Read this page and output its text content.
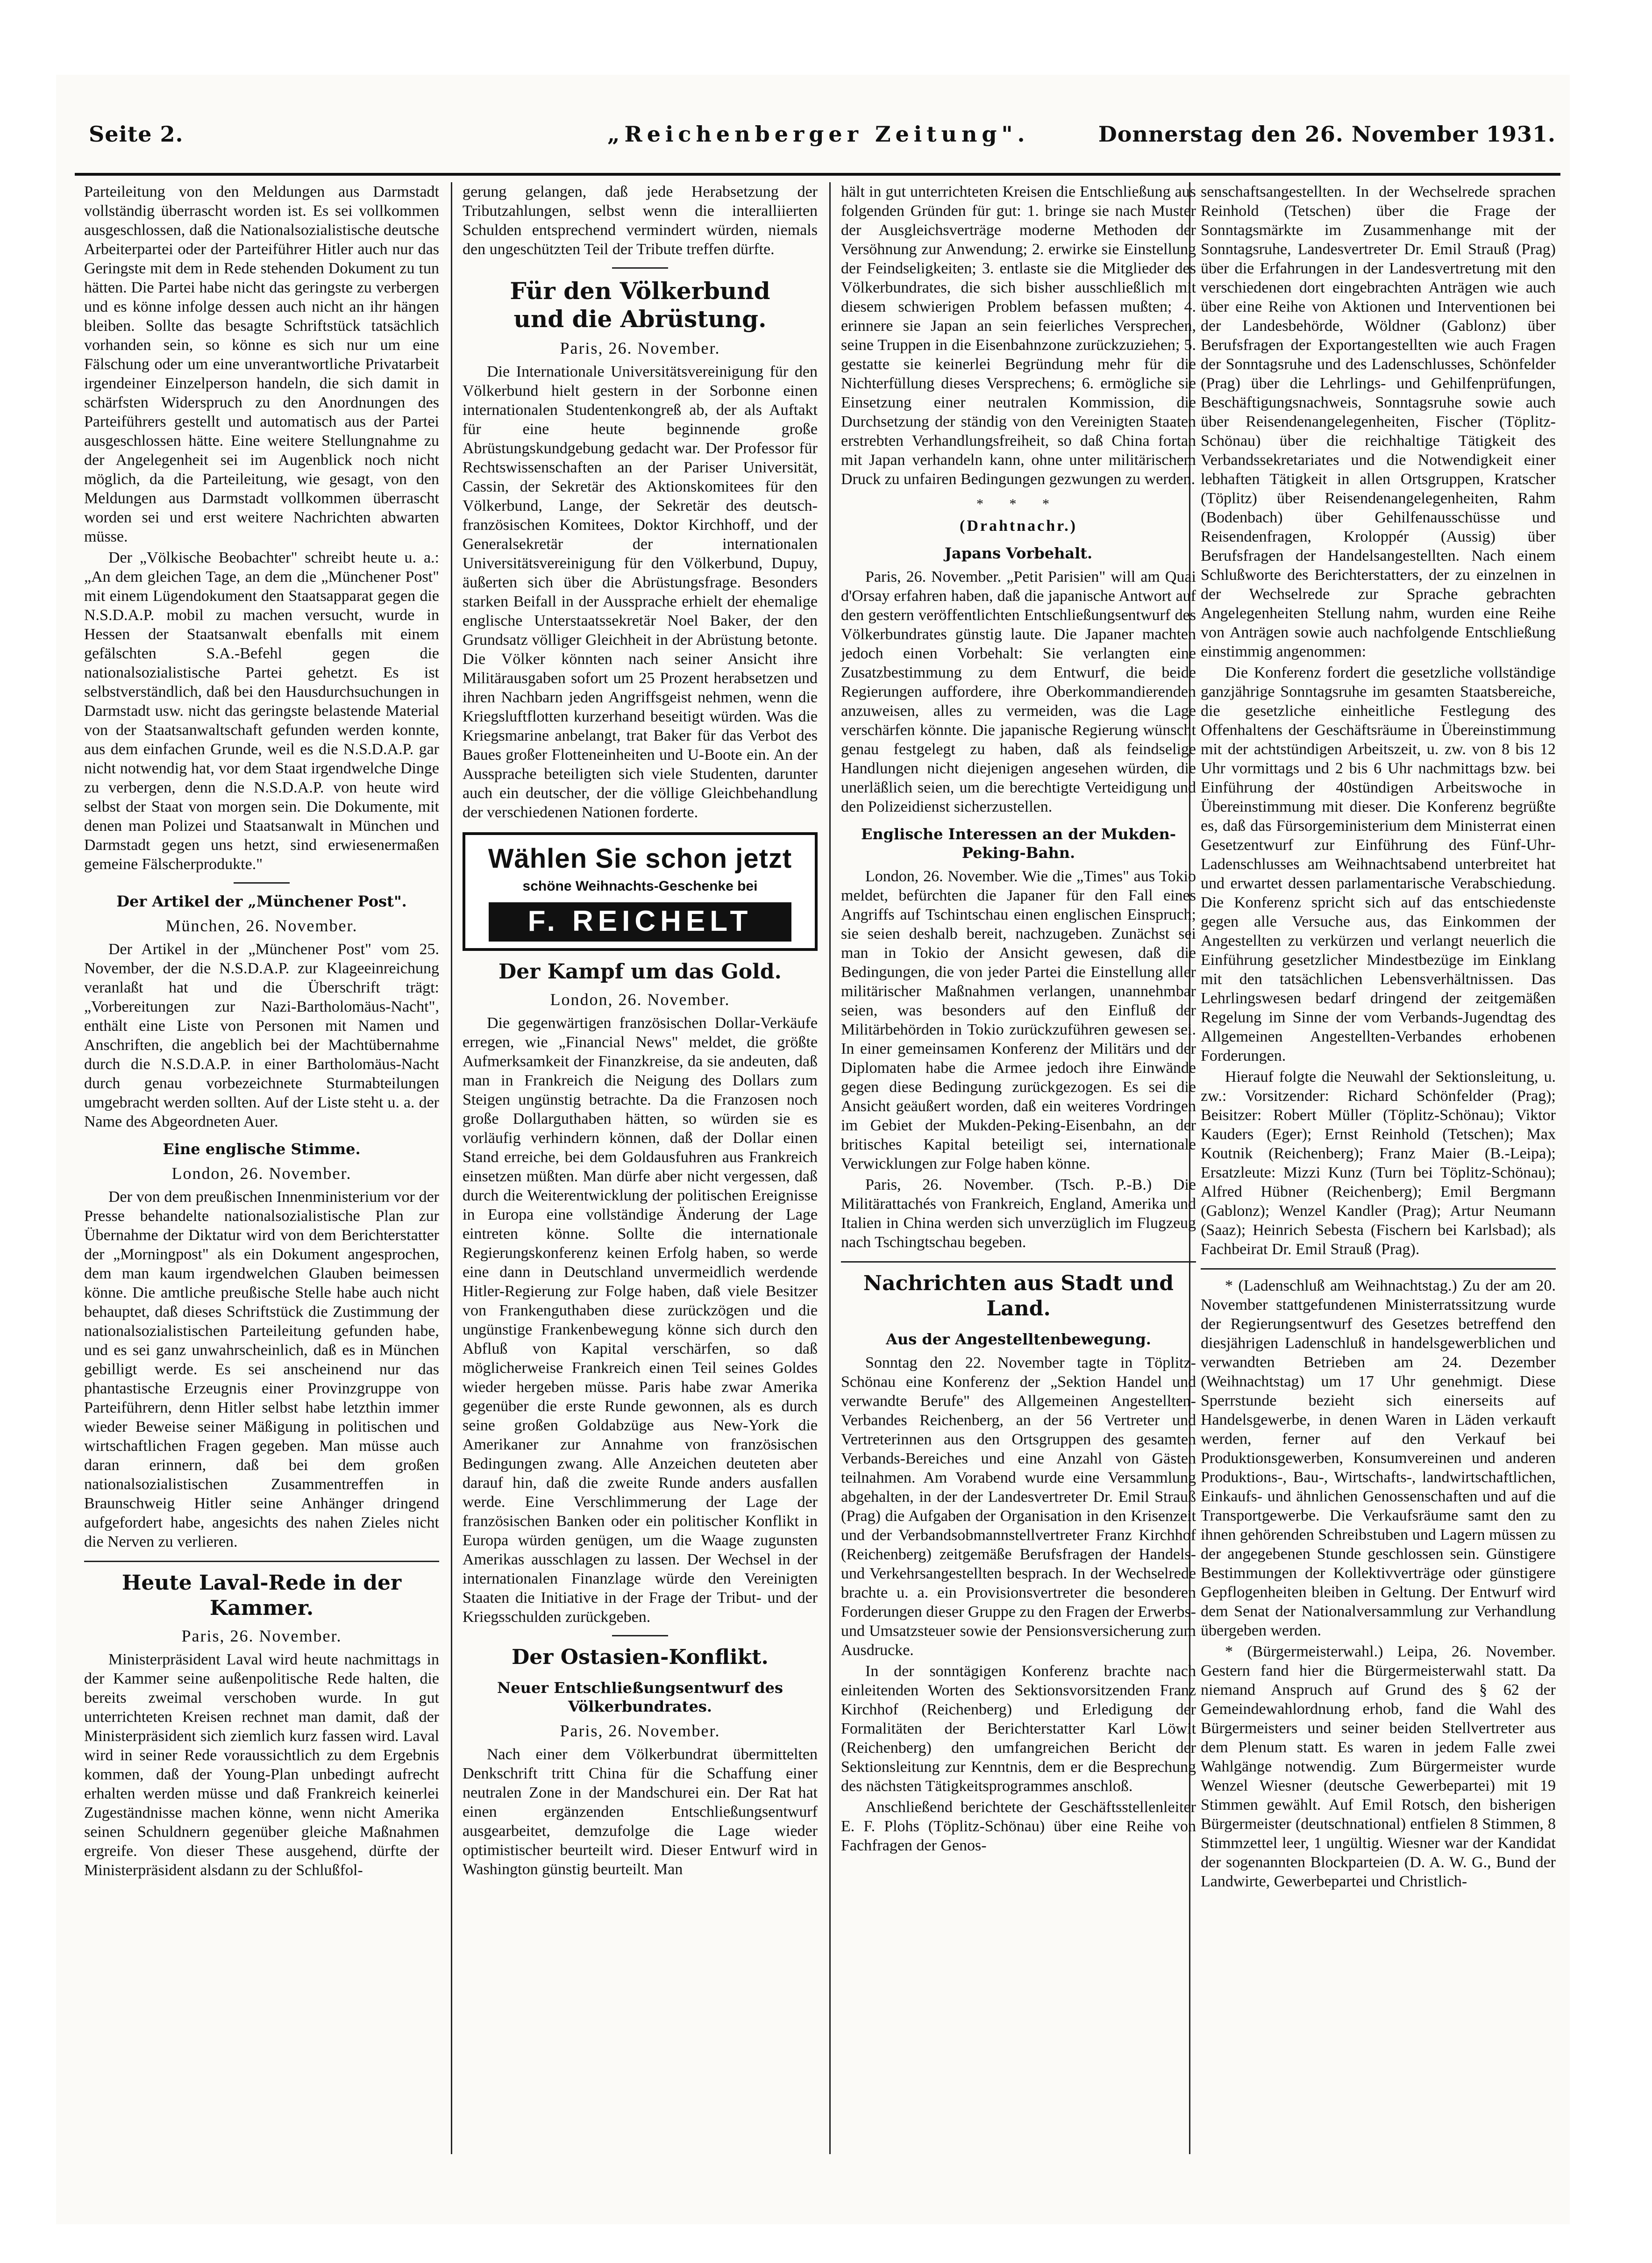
Seite 2.	„Reichenberger Zeitung".	Donnerstag den 26. November 1931.

Parteileitung von den Meldungen aus Darmstadt vollständig überrascht worden ist. Es sei vollkommen ausgeschlossen, daß die Nationalsozialistische deutsche Arbeiterpartei oder der Parteiführer Hitler auch nur das Geringste mit dem in Rede stehenden Dokument zu tun hätten. Die Partei habe nicht das geringste zu verbergen und es könne infolge dessen auch nicht an ihr hängen bleiben. Sollte das besagte Schriftstück tatsächlich vorhanden sein, so könne es sich nur um eine Fälschung oder um eine unverantwortliche Privatarbeit irgendeiner Einzelperson handeln, die sich damit in schärfsten Widerspruch zu den Anordnungen des Parteiführers gestellt und automatisch aus der Partei ausgeschlossen hätte. Eine weitere Stellungnahme zu der Angelegenheit sei im Augenblick noch nicht möglich, da die Parteileitung, wie gesagt, von den Meldungen aus Darmstadt vollkommen überrascht worden sei und erst weitere Nachrichten abwarten müsse.

Der „Völkische Beobachter" schreibt heute u. a.: „An dem gleichen Tage, an dem die „Münchener Post" mit einem Lügendokument den Staatsapparat gegen die N.S.D.A.P. mobil zu machen versucht, wurde in Hessen der Staatsanwalt ebenfalls mit einem gefälschten S.A.-Befehl gegen die nationalsozialistische Partei gehetzt. Es ist selbstverständlich, daß bei den Hausdurchsuchungen in Darmstadt usw. nicht das geringste belastende Material von der Staatsanwaltschaft gefunden werden konnte, aus dem einfachen Grunde, weil es die N.S.D.A.P. gar nicht notwendig hat, vor dem Staat irgendwelche Dinge zu verbergen, denn die N.S.D.A.P. von heute wird selbst der Staat von morgen sein. Die Dokumente, mit denen man Polizei und Staatsanwalt in München und Darmstadt gegen uns hetzt, sind erwiesenermaßen gemeine Fälscherprodukte."

Der Artikel der „Münchener Post".
München, 26. November.

Der Artikel in der „Münchener Post" vom 25. November, der die N.S.D.A.P. zur Klageeinreichung veranlaßt hat und die Überschrift trägt: „Vorbereitungen zur Nazi-Bartholomäus-Nacht", enthält eine Liste von Personen mit Namen und Anschriften, die angeblich bei der Machtübernahme durch die N.S.D.A.P. in einer Bartholomäus-Nacht durch genau vorbezeichnete Sturmabteilungen umgebracht werden sollten. Auf der Liste steht u. a. der Name des Abgeordneten Auer.

Eine englische Stimme.
London, 26. November.

Der von dem preußischen Innenministerium vor der Presse behandelte nationalsozialistische Plan zur Übernahme der Diktatur wird von dem Berichterstatter der „Morningpost" als ein Dokument angesprochen, dem man kaum irgendwelchen Glauben beimessen könne. Die amtliche preußische Stelle habe auch nicht behauptet, daß dieses Schriftstück die Zustimmung der nationalsozialistischen Parteileitung gefunden habe, und es sei ganz unwahrscheinlich, daß es in München gebilligt werde. Es sei anscheinend nur das phantastische Erzeugnis einer Provinzgruppe von Parteiführern, denn Hitler selbst habe letzthin immer wieder Beweise seiner Mäßigung in politischen und wirtschaftlichen Fragen gegeben. Man müsse auch daran erinnern, daß bei dem großen nationalsozialistischen Zusammentreffen in Braunschweig Hitler seine Anhänger dringend aufgefordert habe, angesichts des nahen Zieles nicht die Nerven zu verlieren.

Heute Laval-Rede in der Kammer.
Paris, 26. November.

Ministerpräsident Laval wird heute nachmittags in der Kammer seine außenpolitische Rede halten, die bereits zweimal verschoben wurde. In gut unterrichteten Kreisen rechnet man damit, daß der Ministerpräsident sich ziemlich kurz fassen wird. Laval wird in seiner Rede voraussichtlich zu dem Ergebnis kommen, daß der Young-Plan unbedingt aufrecht erhalten werden müsse und daß Frankreich keinerlei Zugeständnisse machen könne, wenn nicht Amerika seinen Schuldnern gegenüber gleiche Maßnahmen ergreife. Von dieser These ausgehend, dürfte der Ministerpräsident alsdann zu der Schlußfol-

gerung gelangen, daß jede Herabsetzung der Tributzahlungen, selbst wenn die interalliierten Schulden entsprechend vermindert würden, niemals den ungeschützten Teil der Tribute treffen dürfte.

Für den Völkerbund
und die Abrüstung.
Paris, 26. November.

Die Internationale Universitätsvereinigung für den Völkerbund hielt gestern in der Sorbonne einen internationalen Studentenkongreß ab, der als Auftakt für eine heute beginnende große Abrüstungskundgebung gedacht war. Der Professor für Rechtswissenschaften an der Pariser Universität, Cassin, der Sekretär des Aktionskomitees für den Völkerbund, Lange, der Sekretär des deutsch-französischen Komitees, Doktor Kirchhoff, und der Generalsekretär der internationalen Universitätsvereinigung für den Völkerbund, Dupuy, äußerten sich über die Abrüstungsfrage. Besonders starken Beifall in der Aussprache erhielt der ehemalige englische Unterstaatssekretär Noel Baker, der den Grundsatz völliger Gleichheit in der Abrüstung betonte. Die Völker könnten nach seiner Ansicht ihre Militärausgaben sofort um 25 Prozent herabsetzen und ihren Nachbarn jeden Angriffsgeist nehmen, wenn die Kriegsluftflotten kurzerhand beseitigt würden. Was die Kriegsmarine anbelangt, trat Baker für das Verbot des Baues großer Flotteneinheiten und U-Boote ein. An der Aussprache beteiligten sich viele Studenten, darunter auch ein deutscher, der die völlige Gleichbehandlung der verschiedenen Nationen forderte.

Wählen Sie schon jetzt
schöne Weihnachts-Geschenke bei
F. REICHELT
Der Kampf um das Gold.
London, 26. November.

Die gegenwärtigen französischen Dollar-Verkäufe erregen, wie „Financial News" meldet, die größte Aufmerksamkeit der Finanzkreise, da sie andeuten, daß man in Frankreich die Neigung des Dollars zum Steigen ungünstig betrachte. Da die Franzosen noch große Dollarguthaben hätten, so würden sie es vorläufig verhindern können, daß der Dollar einen Stand erreiche, bei dem Goldausfuhren aus Frankreich einsetzen müßten. Man dürfe aber nicht vergessen, daß durch die Weiterentwicklung der politischen Ereignisse in Europa eine vollständige Änderung der Lage eintreten könne. Sollte die internationale Regierungskonferenz keinen Erfolg haben, so werde eine dann in Deutschland unvermeidlich werdende Hitler-Regierung zur Folge haben, daß viele Besitzer von Frankenguthaben diese zurückzögen und die ungünstige Frankenbewegung könne sich durch den Abfluß von Kapital verschärfen, so daß möglicherweise Frankreich einen Teil seines Goldes wieder hergeben müsse. Paris habe zwar Amerika gegenüber die erste Runde gewonnen, als es durch seine großen Goldabzüge aus New-York die Amerikaner zur Annahme von französischen Bedingungen zwang. Alle Anzeichen deuteten aber darauf hin, daß die zweite Runde anders ausfallen werde. Eine Verschlimmerung der Lage der französischen Banken oder ein politischer Konflikt in Europa würden genügen, um die Waage zugunsten Amerikas ausschlagen zu lassen. Der Wechsel in der internationalen Finanzlage würde den Vereinigten Staaten die Initiative in der Frage der Tribut- und der Kriegsschulden zurückgeben.

Der Ostasien-Konflikt.
Neuer Entschließungsentwurf des Völkerbundrates.
Paris, 26. November.

Nach einer dem Völkerbundrat übermittelten Denkschrift tritt China für die Schaffung einer neutralen Zone in der Mandschurei ein. Der Rat hat einen ergänzenden Entschließungsentwurf ausgearbeitet, demzufolge die Lage wieder optimistischer beurteilt wird. Dieser Entwurf wird in Washington günstig beurteilt. Man

hält in gut unterrichteten Kreisen die Entschließung aus folgenden Gründen für gut: 1. bringe sie nach Muster der Ausgleichsverträge moderne Methoden der Versöhnung zur Anwendung; 2. erwirke sie Einstellung der Feindseligkeiten; 3. entlaste sie die Mitglieder des Völkerbundrates, die sich bisher ausschließlich mit diesem schwierigen Problem befassen mußten; 4. erinnere sie Japan an sein feierliches Versprechen, seine Truppen in die Eisenbahnzone zurückzuziehen; 5. gestatte sie keinerlei Begründung mehr für die Nichterfüllung dieses Versprechens; 6. ermögliche sie Einsetzung einer neutralen Kommission, die Durchsetzung der ständig von den Vereinigten Staaten erstrebten Verhandlungsfreiheit, so daß China fortan mit Japan verhandeln kann, ohne unter militärischem Druck zu unfairen Bedingungen gezwungen zu werden.

* * *
(Drahtnachr.)
Japans Vorbehalt.

Paris, 26. November. „Petit Parisien" will am Quai d'Orsay erfahren haben, daß die japanische Antwort auf den gestern veröffentlichten Entschließungsentwurf des Völkerbundrates günstig laute. Die Japaner machten jedoch einen Vorbehalt: Sie verlangten eine Zusatzbestimmung zu dem Entwurf, die beide Regierungen auffordere, ihre Oberkommandierenden anzuweisen, alles zu vermeiden, was die Lage verschärfen könnte. Die japanische Regierung wünscht genau festgelegt zu haben, daß als feindselige Handlungen nicht diejenigen angesehen würden, die unerläßlich seien, um die berechtigte Verteidigung und den Polizeidienst sicherzustellen.

Englische Interessen an der Mukden-Peking-Bahn.

London, 26. November. Wie die „Times" aus Tokio meldet, befürchten die Japaner für den Fall eines Angriffs auf Tschintschau einen englischen Einspruch; sie seien deshalb bereit, nachzugeben. Zunächst sei man in Tokio der Ansicht gewesen, daß die Bedingungen, die von jeder Partei die Einstellung aller militärischer Maßnahmen verlangen, unannehmbar seien, was besonders auf den Einfluß der Militärbehörden in Tokio zurückzuführen gewesen sei. In einer gemeinsamen Konferenz der Militärs und der Diplomaten habe die Armee jedoch ihre Einwände gegen diese Bedingung zurückgezogen. Es sei die Ansicht geäußert worden, daß ein weiteres Vordringen im Gebiet der Mukden-Peking-Eisenbahn, an der britisches Kapital beteiligt sei, internationale Verwicklungen zur Folge haben könne.

Paris, 26. November. (Tsch. P.-B.) Die Militärattachés von Frankreich, England, Amerika und Italien in China werden sich unverzüglich im Flugzeug nach Tschingtschau begeben.

Nachrichten aus Stadt und Land.
Aus der Angestelltenbewegung.

Sonntag den 22. November tagte in Töplitz-Schönau eine Konferenz der „Sektion Handel und verwandte Berufe" des Allgemeinen Angestellten-Verbandes Reichenberg, an der 56 Vertreter und Vertreterinnen aus den Ortsgruppen des gesamten Verbands-Bereiches und eine Anzahl von Gästen teilnahmen. Am Vorabend wurde eine Versammlung abgehalten, in der der Landesvertreter Dr. Emil Strauß (Prag) die Aufgaben der Organisation in den Krisenzeit und der Verbandsobmannstellvertreter Franz Kirchhof (Reichenberg) zeitgemäße Berufsfragen der Handels- und Verkehrsangestellten besprach. In der Wechselrede brachte u. a. ein Provisionsvertreter die besonderen Forderungen dieser Gruppe zu den Fragen der Erwerbs- und Umsatzsteuer sowie der Pensionsversicherung zum Ausdrucke.

In der sonntägigen Konferenz brachte nach einleitenden Worten des Sektionsvorsitzenden Franz Kirchhof (Reichenberg) und Erledigung der Formalitäten der Berichterstatter Karl Löwit (Reichenberg) den umfangreichen Bericht der Sektionsleitung zur Kenntnis, dem er die Besprechung des nächsten Tätigkeitsprogrammes anschloß.

Anschließend berichtete der Geschäftsstellenleiter E. F. Plohs (Töplitz-Schönau) über eine Reihe von Fachfragen der Genos-

senschaftsangestellten. In der Wechselrede sprachen Reinhold (Tetschen) über die Frage der Sonntagsmärkte im Zusammenhange mit der Sonntagsruhe, Landesvertreter Dr. Emil Strauß (Prag) über die Erfahrungen in der Landesvertretung mit den verschiedenen dort eingebrachten Anträgen wie auch über eine Reihe von Aktionen und Interventionen bei der Landesbehörde, Wöldner (Gablonz) über Berufsfragen der Exportangestellten wie auch Fragen der Sonntagsruhe und des Ladenschlusses, Schönfelder (Prag) über die Lehrlings- und Gehilfenprüfungen, Beschäftigungsnachweis, Sonntagsruhe sowie auch über Reisendenangelegenheiten, Fischer (Töplitz-Schönau) über die reichhaltige Tätigkeit des Verbandssekretariates und die Notwendigkeit einer lebhaften Tätigkeit in allen Ortsgruppen, Kratscher (Töplitz) über Reisendenangelegenheiten, Rahm (Bodenbach) über Gehilfenausschüsse und Reisendenfragen, Kroloppér (Aussig) über Berufsfragen der Handelsangestellten. Nach einem Schlußworte des Berichterstatters, der zu einzelnen in der Wechselrede zur Sprache gebrachten Angelegenheiten Stellung nahm, wurden eine Reihe von Anträgen sowie auch nachfolgende Entschließung einstimmig angenommen:

Die Konferenz fordert die gesetzliche vollständige ganzjährige Sonntagsruhe im gesamten Staatsbereiche, die gesetzliche einheitliche Festlegung des Offenhaltens der Geschäftsräume in Übereinstimmung mit der achtstündigen Arbeitszeit, u. zw. von 8 bis 12 Uhr vormittags und 2 bis 6 Uhr nachmittags bzw. bei Einführung der 40stündigen Arbeitswoche in Übereinstimmung mit dieser. Die Konferenz begrüßte es, daß das Fürsorgeministerium dem Ministerrat einen Gesetzentwurf zur Einführung des Fünf-Uhr-Ladenschlusses am Weihnachtsabend unterbreitet hat und erwartet dessen parlamentarische Verabschiedung. Die Konferenz spricht sich auf das entschiedenste gegen alle Versuche aus, das Einkommen der Angestellten zu verkürzen und verlangt neuerlich die Einführung gesetzlicher Mindestbezüge im Einklang mit den tatsächlichen Lebensverhältnissen. Das Lehrlingswesen bedarf dringend der zeitgemäßen Regelung im Sinne der vom Verbands-Jugendtag des Allgemeinen Angestellten-Verbandes erhobenen Forderungen.

Hierauf folgte die Neuwahl der Sektionsleitung, u. zw.: Vorsitzender: Richard Schönfelder (Prag); Beisitzer: Robert Müller (Töplitz-Schönau); Viktor Kauders (Eger); Ernst Reinhold (Tetschen); Max Koutnik (Reichenberg); Franz Maier (B.-Leipa); Ersatzleute: Mizzi Kunz (Turn bei Töplitz-Schönau); Alfred Hübner (Reichenberg); Emil Bergmann (Gablonz); Wenzel Kandler (Prag); Artur Neumann (Saaz); Heinrich Sebesta (Fischern bei Karlsbad); als Fachbeirat Dr. Emil Strauß (Prag).

* (Ladenschluß am Weihnachtstag.) Zu der am 20. November stattgefundenen Ministerratssitzung wurde der Regierungsentwurf des Gesetzes betreffend den diesjährigen Ladenschluß in handelsgewerblichen und verwandten Betrieben am 24. Dezember (Weihnachtstag) um 17 Uhr genehmigt. Diese Sperrstunde bezieht sich einerseits auf Handelsgewerbe, in denen Waren in Läden verkauft werden, ferner auf den Verkauf bei Produktionsgewerben, Konsumvereinen und anderen Produktions-, Bau-, Wirtschafts-, landwirtschaftlichen, Einkaufs- und ähnlichen Genossenschaften und auf die Transportgewerbe. Die Verkaufsräume samt den zu ihnen gehörenden Schreibstuben und Lagern müssen zu der angegebenen Stunde geschlossen sein. Günstigere Bestimmungen der Kollektivverträge oder günstigere Gepflogenheiten bleiben in Geltung. Der Entwurf wird dem Senat der Nationalversammlung zur Verhandlung übergeben werden.

* (Bürgermeisterwahl.) Leipa, 26. November. Gestern fand hier die Bürgermeisterwahl statt. Da niemand Anspruch auf Grund des § 62 der Gemeindewahlordnung erhob, fand die Wahl des Bürgermeisters und seiner beiden Stellvertreter aus dem Plenum statt. Es waren in jedem Falle zwei Wahlgänge notwendig. Zum Bürgermeister wurde Wenzel Wiesner (deutsche Gewerbepartei) mit 19 Stimmen gewählt. Auf Emil Rotsch, den bisherigen Bürgermeister (deutschnational) entfielen 8 Stimmen, 8 Stimmzettel leer, 1 ungültig. Wiesner war der Kandidat der sogenannten Blockparteien (D. A. W. G., Bund der Landwirte, Gewerbepartei und Christlich-
